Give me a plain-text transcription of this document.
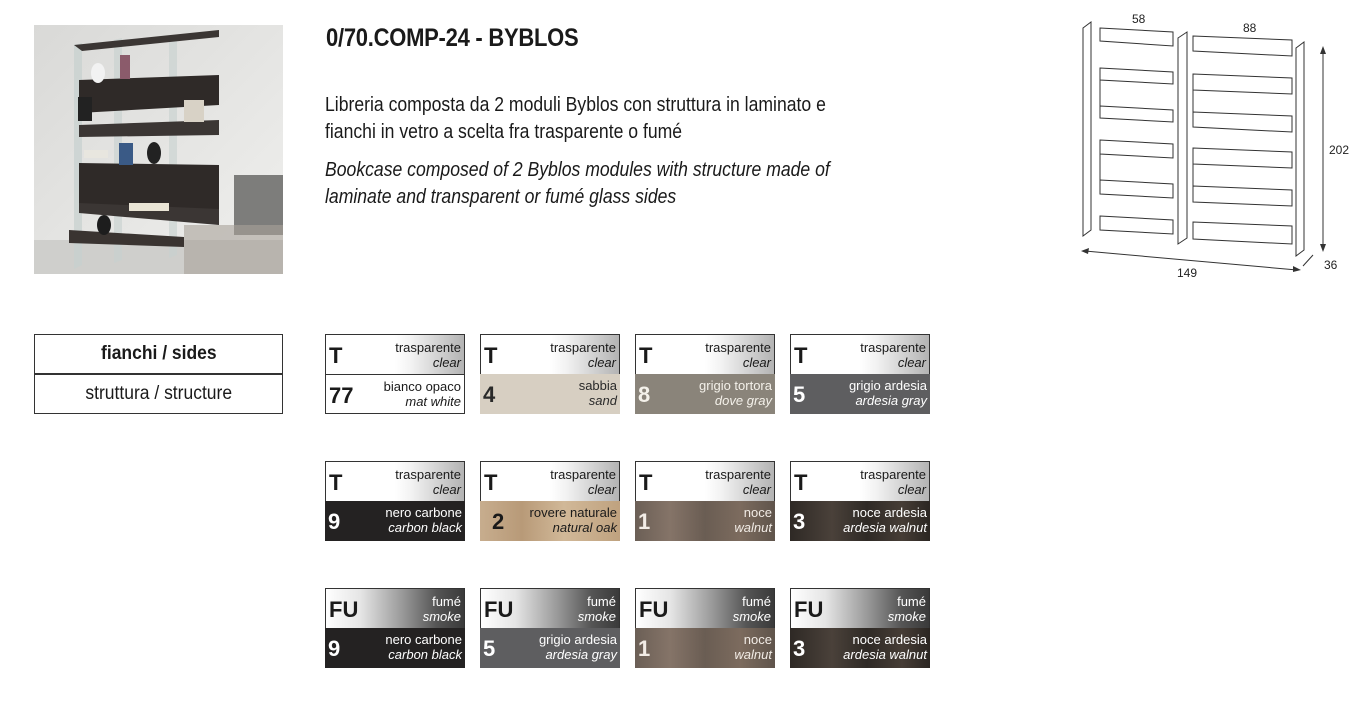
0/70.COMP-24 - BYBLOS
Libreria composta da 2 moduli Byblos con struttura in laminato e fianchi in vetro a scelta fra trasparente o fumé
Bookcase composed of 2 Byblos modules with structure made of laminate and transparent or fumé glass sides
58
88
202
149
36
fianchi / sides
struttura / structure
T	trasparente
clear
77 bianco opaco
mat white
T	trasparente
clear
4	sabbia
sand
T	trasparente
clear
8	grigio tortora
dove gray
T	trasparente
clear
5	grigio ardesia
ardesia gray
T	trasparente
clear
9	nero carbone
carbon black
T	trasparente
clear
2 rovere naturale
natural oak
T	trasparente
clear
1	noce
walnut
T	trasparente
clear
3	noce ardesia
ardesia walnut
FU	fumé
smoke
9	nero carbone
carbon black
FU	fumé
smoke
5	grigio ardesia
ardesia gray
FU	fumé
smoke
1	noce
walnut
FU	fumé
smoke
3	noce ardesia
ardesia walnut
